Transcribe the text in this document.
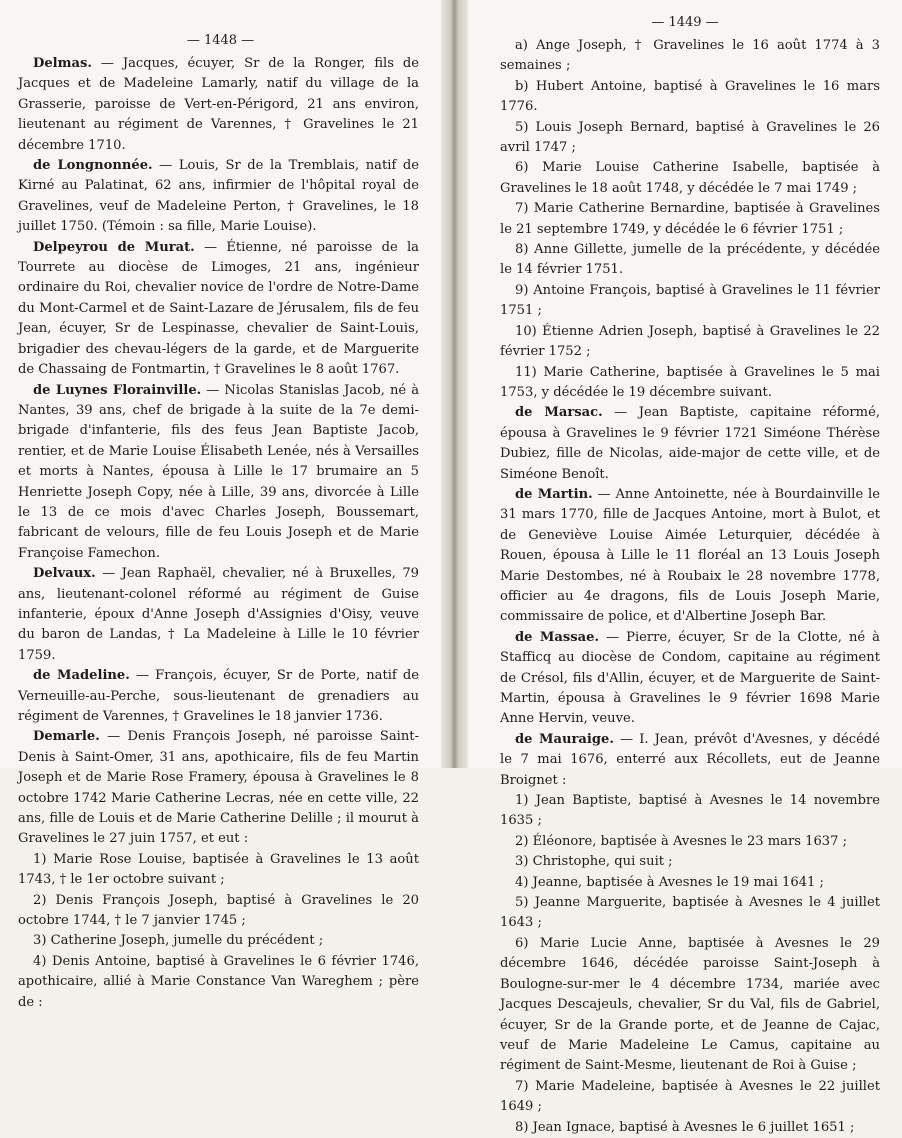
— 1448 —

Delmas. — Jacques, écuyer, Sr de la Ronger, fils de Jacques et de Madeleine Lamarly, natif du village de la Grasserie, paroisse de Vert-en-Périgord, 21 ans environ, lieutenant au régiment de Varennes, † Gravelines le 21 décembre 1710.

de Longnonnée. — Louis, Sr de la Tremblais, natif de Kirné au Palatinat, 62 ans, infirmier de l'hôpital royal de Gravelines, veuf de Madeleine Perton, † Gravelines, le 18 juillet 1750. (Témoin : sa fille, Marie Louise).

Delpeyrou de Murat. — Étienne, né paroisse de la Tourrete au diocèse de Limoges, 21 ans, ingénieur ordinaire du Roi, chevalier novice de l'ordre de Notre-Dame du Mont-Carmel et de Saint-Lazare de Jérusalem, fils de feu Jean, écuyer, Sr de Lespinasse, chevalier de Saint-Louis, brigadier des chevau-légers de la garde, et de Marguerite de Chassaing de Fontmartin, † Gravelines le 8 août 1767.

de Luynes Florainville. — Nicolas Stanislas Jacob, né à Nantes, 39 ans, chef de brigade à la suite de la 7e demi-brigade d'infanterie, fils des feus Jean Baptiste Jacob, rentier, et de Marie Louise Élisabeth Lenée, nés à Versailles et morts à Nantes, épousa à Lille le 17 brumaire an 5 Henriette Joseph Copy, née à Lille, 39 ans, divorcée à Lille le 13 de ce mois d'avec Charles Joseph, Boussemart, fabricant de velours, fille de feu Louis Joseph et de Marie Françoise Famechon.

Delvaux. — Jean Raphaël, chevalier, né à Bruxelles, 79 ans, lieutenant-colonel réformé au régiment de Guise infanterie, époux d'Anne Joseph d'Assignies d'Oisy, veuve du baron de Landas, † La Madeleine à Lille le 10 février 1759.

de Madeline. — François, écuyer, Sr de Porte, natif de Verneuille-au-Perche, sous-lieutenant de grenadiers au régiment de Varennes, † Gravelines le 18 janvier 1736.

Demarle. — Denis François Joseph, né paroisse Saint-Denis à Saint-Omer, 31 ans, apothicaire, fils de feu Martin Joseph et de Marie Rose Framery, épousa à Gravelines le 8 octobre 1742 Marie Catherine Lecras, née en cette ville, 22 ans, fille de Louis et de Marie Catherine Delille ; il mourut à Gravelines le 27 juin 1757, et eut :

1) Marie Rose Louise, baptisée à Gravelines le 13 août 1743, † le 1er octobre suivant ;

2) Denis François Joseph, baptisé à Gravelines le 20 octobre 1744, † le 7 janvier 1745 ;

3) Catherine Joseph, jumelle du précédent ;

4) Denis Antoine, baptisé à Gravelines le 6 février 1746, apothicaire, allié à Marie Constance Van Wareghem ; père de :

— 1449 —

a) Ange Joseph, † Gravelines le 16 août 1774 à 3 semaines ;

b) Hubert Antoine, baptisé à Gravelines le 16 mars 1776.

5) Louis Joseph Bernard, baptisé à Gravelines le 26 avril 1747 ;

6) Marie Louise Catherine Isabelle, baptisée à Gravelines le 18 août 1748, y décédée le 7 mai 1749 ;

7) Marie Catherine Bernardine, baptisée à Gravelines le 21 septembre 1749, y décédée le 6 février 1751 ;

8) Anne Gillette, jumelle de la précédente, y décédée le 14 février 1751.

9) Antoine François, baptisé à Gravelines le 11 février 1751 ;

10) Étienne Adrien Joseph, baptisé à Gravelines le 22 février 1752 ;

11) Marie Catherine, baptisée à Gravelines le 5 mai 1753, y décédée le 19 décembre suivant.

de Marsac. — Jean Baptiste, capitaine réformé, épousa à Gravelines le 9 février 1721 Siméone Thérèse Dubiez, fille de Nicolas, aide-major de cette ville, et de Siméone Benoît.

de Martin. — Anne Antoinette, née à Bourdainville le 31 mars 1770, fille de Jacques Antoine, mort à Bulot, et de Geneviève Louise Aimée Leturquier, décédée à Rouen, épousa à Lille le 11 floréal an 13 Louis Joseph Marie Destombes, né à Roubaix le 28 novembre 1778, officier au 4e dragons, fils de Louis Joseph Marie, commissaire de police, et d'Albertine Joseph Bar.

de Massae. — Pierre, écuyer, Sr de la Clotte, né à Stafficq au diocèse de Condom, capitaine au régiment de Crésol, fils d'Allin, écuyer, et de Marguerite de Saint-Martin, épousa à Gravelines le 9 février 1698 Marie Anne Hervin, veuve.

de Mauraige. — I. Jean, prévôt d'Avesnes, y décédé le 7 mai 1676, enterré aux Récollets, eut de Jeanne Broignet :

1) Jean Baptiste, baptisé à Avesnes le 14 novembre 1635 ;

2) Éléonore, baptisée à Avesnes le 23 mars 1637 ;

3) Christophe, qui suit ;

4) Jeanne, baptisée à Avesnes le 19 mai 1641 ;

5) Jeanne Marguerite, baptisée à Avesnes le 4 juillet 1643 ;

6) Marie Lucie Anne, baptisée à Avesnes le 29 décembre 1646, décédée paroisse Saint-Joseph à Boulogne-sur-mer le 4 décembre 1734, mariée avec Jacques Descajeuls, chevalier, Sr du Val, fils de Gabriel, écuyer, Sr de la Grande porte, et de Jeanne de Cajac, veuf de Marie Madeleine Le Camus, capitaine au régiment de Saint-Mesme, lieutenant de Roi à Guise ;

7) Marie Madeleine, baptisée à Avesnes le 22 juillet 1649 ;

8) Jean Ignace, baptisé à Avesnes le 6 juillet 1651 ;
